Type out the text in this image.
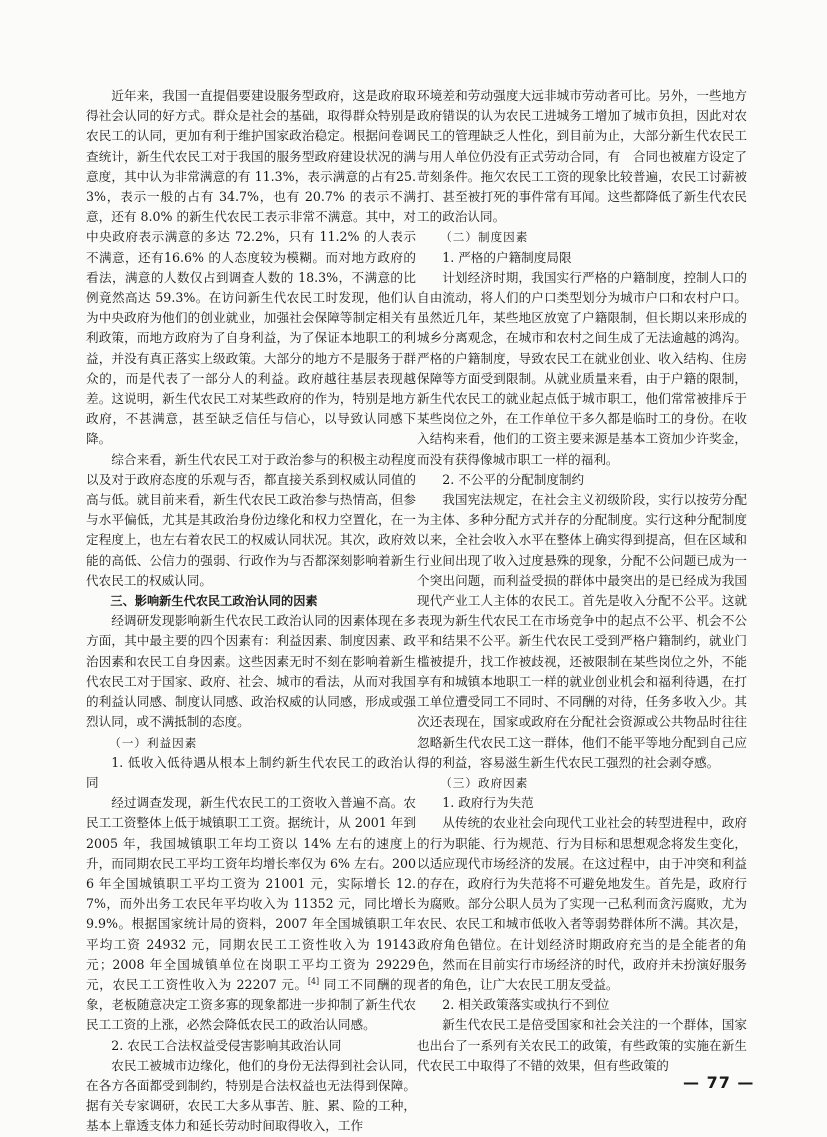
近年来，我国一直提倡要建设服务型政府，这是政府取得社会认同的好方式。群众是社会的基础，取得群众特别是农民工的认同，更加有利于维护国家政治稳定。根据问卷调查统计，新生代农民工对于我国的服务型政府建设状况的满意度，其中认为非常满意的有 11.3%，表示满意的占有25.3%，表示一般的占有 34.7%，也有 20.7% 的表示不满意，还有 8.0% 的新生代农民工表示非常不满意。其中，对中央政府表示满意的多达 72.2%，只有 11.2% 的人表示不满意，还有16.6% 的人态度较为模糊。而对地方政府的看法，满意的人数仅占到调查人数的 18.3%，不满意的比例竟然高达 59.3%。在访问新生代农民工时发现，他们认为中央政府为他们的创业就业，加强社会保障等制定相关有利政策，而地方政府为了自身利益，为了保证本地职工的利益，并没有真正落实上级政策。大部分的地方不是服务于群众的，而是代表了一部分人的利益。政府越往基层表现越差。这说明，新生代农民工对某些政府的作为，特别是地方政府，不甚满意，甚至缺乏信任与信心，以导致认同感下降。

综合来看，新生代农民工对于政治参与的积极主动程度以及对于政府态度的乐观与否，都直接关系到权威认同值的高与低。就目前来看，新生代农民工政治参与热情高，但参与水平偏低，尤其是其政治身份边缘化和权力空置化，在一定程度上，也左右着农民工的权威认同状况。其次，政府效能的高低、公信力的强弱、行政作为与否都深刻影响着新生代农民工的权威认同。

三、影响新生代农民工政治认同的因素

经调研发现影响新生代农民工政治认同的因素体现在多方面，其中最主要的四个因素有：利益因素、制度因素、政治因素和农民工自身因素。这些因素无时不刻在影响着新生代农民工对于国家、政府、社会、城市的看法，从而对我国的利益认同感、制度认同感、政治权威的认同感，形成或强烈认同，或不满抵制的态度。

（一）利益因素

1. 低收入低待遇从根本上制约新生代农民工的政治认同

经过调查发现，新生代农民工的工资收入普遍不高。农民工工资整体上低于城镇职工工资。据统计，从 2001 年到 2005 年，我国城镇职工年均工资以 14% 左右的速度上升，而同期农民工平均工资年均增长率仅为 6% 左右。2006 年全国城镇职工平均工资为 21001 元，实际增长 12.7%，而外出务工农民年平均收入为 11352 元，同比增长 9.9%。根据国家统计局的资料，2007 年全国城镇职工年平均工资 24932 元，同期农民工工资性收入为 19143 元；2008 年全国城镇单位在岗职工平均工资为 29229 元，农民工工资性收入为 22207 元。[4] 同工不同酬的现象，老板随意决定工资多寡的现象都进一步抑制了新生代农民工工资的上涨，必然会降低农民工的政治认同感。

2. 农民工合法权益受侵害影响其政治认同

农民工被城市边缘化，他们的身份无法得到社会认同，在各方各面都受到制约，特别是合法权益也无法得到保障。据有关专家调研，农民工大多从事苦、脏、累、险的工种，基本上靠透支体力和延长劳动时间取得收入，工作

环境差和劳动强度大远非城市劳动者可比。另外，一些地方政府错误的认为农民工进城务工增加了城市负担，因此对农民工的管理缺乏人性化，到目前为止，大部分新生代农民工与用人单位仍没有正式劳动合同，有　合同也被雇方设定了苛刻条件。拖欠农民工工资的现象比较普遍，农民工讨薪被打、甚至被打死的事件常有耳闻。这些都降低了新生代农民工的政治认同。

（二）制度因素

1. 严格的户籍制度局限

计划经济时期，我国实行严格的户籍制度，控制人口的自由流动，将人们的户口类型划分为城市户口和农村户口。虽然近几年，某些地区放宽了户籍限制，但长期以来形成的城乡分离观念，在城市和农村之间生成了无法逾越的鸿沟。严格的户籍制度，导致农民工在就业创业、收入结构、住房保障等方面受到限制。从就业质量来看，由于户籍的限制，新生代农民工的就业起点低于城市职工，他们常常被排斥于某些岗位之外，在工作单位干多久都是临时工的身份。在收入结构来看，他们的工资主要来源是基本工资加少许奖金，而没有获得像城市职工一样的福利。

2. 不公平的分配制度制约

我国宪法规定，在社会主义初级阶段，实行以按劳分配为主体、多种分配方式并存的分配制度。实行这种分配制度以来，全社会收入水平在整体上确实得到提高，但在区域和行业间出现了收入过度悬殊的现象，分配不公问题已成为一个突出问题，而利益受损的群体中最突出的是已经成为我国现代产业工人主体的农民工。首先是收入分配不公平。这就表现为新生代农民工在市场竞争中的起点不公平、机会不公平和结果不公平。新生代农民工受到严格户籍制约，就业门槛被提升，找工作被歧视，还被限制在某些岗位之外，不能享有和城镇本地职工一样的就业创业机会和福利待遇，在打工单位遭受同工不同时、不同酬的对待，任务多收入少。其次还表现在，国家或政府在分配社会资源或公共物品时往往忽略新生代农民工这一群体，他们不能平等地分配到自己应得的利益，容易滋生新生代农民工强烈的社会剥夺感。

（三）政府因素

1. 政府行为失范

从传统的农业社会向现代工业社会的转型进程中，政府的行为职能、行为规范、行为目标和思想观念将发生变化，以适应现代市场经济的发展。在这过程中，由于冲突和利益的存在，政府行为失范将不可避免地发生。首先是，政府行为腐败。部分公职人员为了实现一己私利而贪污腐败，尤为农民、农民工和城市低收入者等弱势群体所不满。其次是，政府角色错位。在计划经济时期政府充当的是全能者的角色，然而在目前实行市场经济的时代，政府并未扮演好服务者的角色，让广大农民工朋友受益。

2. 相关政策落实或执行不到位

新生代农民工是倍受国家和社会关注的一个群体，国家也出台了一系列有关农民工的政策，有些政策的实施在新生代农民工中取得了不错的效果，但有些政策的

— 77 —
